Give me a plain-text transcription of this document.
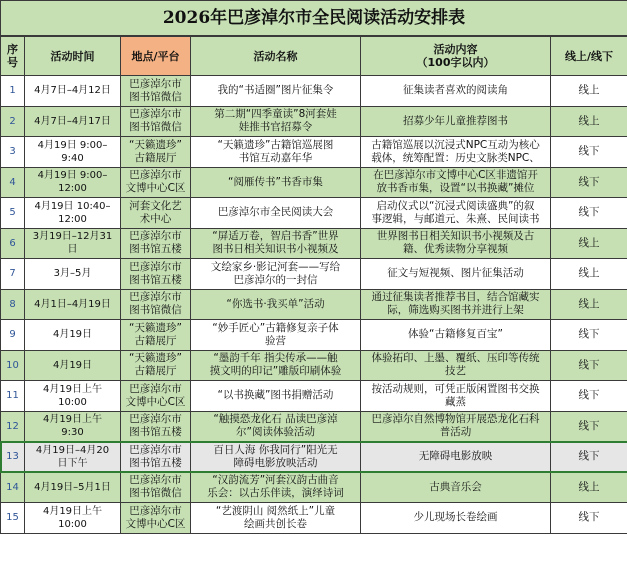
2026年巴彦淖尔市全民阅读活动安排表					
序号	活动时间	地点/平台	活动名称	活动内容
（100字以内）	线上/线下
1	4月7日–4月12日	巴彦淖尔市
图书馆微信	我的“书适圈”图片征集令	征集读者喜欢的阅读角	线上
2	4月7日–4月17日	巴彦淖尔市
图书馆微信	第二期“四季童读”8河套娃
娃推书官招募令	招募少年儿童推荐图书	线上
3	4月19日 9:00–
9:40	“天籁遗珍”
古籍展厅	“天籁遗珍”古籍馆巡展图
书馆互动嘉年华	古籍馆巡展以沉浸式NPC互动为核心
载体，统筹配置：历史文脉类NPC、	线下
4	4月19日 9:00–
12:00	巴彦淖尔市
文博中心C区	“阅雁传书”书香市集	在巴彦淖尔市文博中心C区非遗馆开
放书香市集，设置“以书换藏”摊位	线下
5	4月19日 10:40–
12:00	河套文化艺
术中心	巴彦淖尔市全民阅读大会	启动仪式以“沉浸式阅读盛典”的叙
事逻辑，与邮道元、朱熹、民间读书	线下
6	3月19日–12月31
日	巴彦淖尔市
图书馆五楼	“屏适万卷，智启书香”世界
图书日相关知识书小视频及	世界图书日相关知识书小视频及古
籍、优秀读物分享视频	线上
7	3月–5月	巴彦淖尔市
图书馆五楼	文绘家乡·影记河套——写给
巴彦淖尔的一封信	征文与短视频、图片征集活动	线上
8	4月1日–4月19日	巴彦淖尔市
图书馆微信	“你选书·我买单”活动	通过征集读者推荐书目，结合馆藏实
际，筛选购买图书并进行上架	线上
9	4月19日	“天籁遗珍”
古籍展厅	“妙手匠心”古籍修复亲子体
验营	体验“古籍修复百宝”	线下
10	4月19日	“天籁遗珍”
古籍展厅	“墨韵千年 指尖传承——触
摸文明的印记”雕版印刷体验	体验拓印、上墨、覆纸、压印等传统
技艺	线下
11	4月19日上午
10:00	巴彦淖尔市
文博中心C区	“以书换藏”图书捐赠活动	按活动规则，可凭正版闲置图书交换
藏蒸	线下
12	4月19日上午
9:30	巴彦淖尔市
图书馆五楼	“触摸恐龙化石 品读巴彦淖
尔”阅读体验活动	巴彦淖尔自然博物馆开展恐龙化石科
普活动	线下
13	4月19日–4月20
日下午	巴彦淖尔市
图书馆五楼	百日人海 你我同行”阳光无
障碍电影放映活动	无障碍电影放映	线下
14	4月19日–5月1日	巴彦淖尔市
图书馆微信	“汉韵流芳”河套汉韵古曲音
乐会：以古乐伴读，演绎诗词	古典音乐会	线上
15	4月19日上午
10:00	巴彦淖尔市
文博中心C区	“艺渡阴山 阅然纸上”儿童
绘画共创长卷	少儿现场长卷绘画	线下
